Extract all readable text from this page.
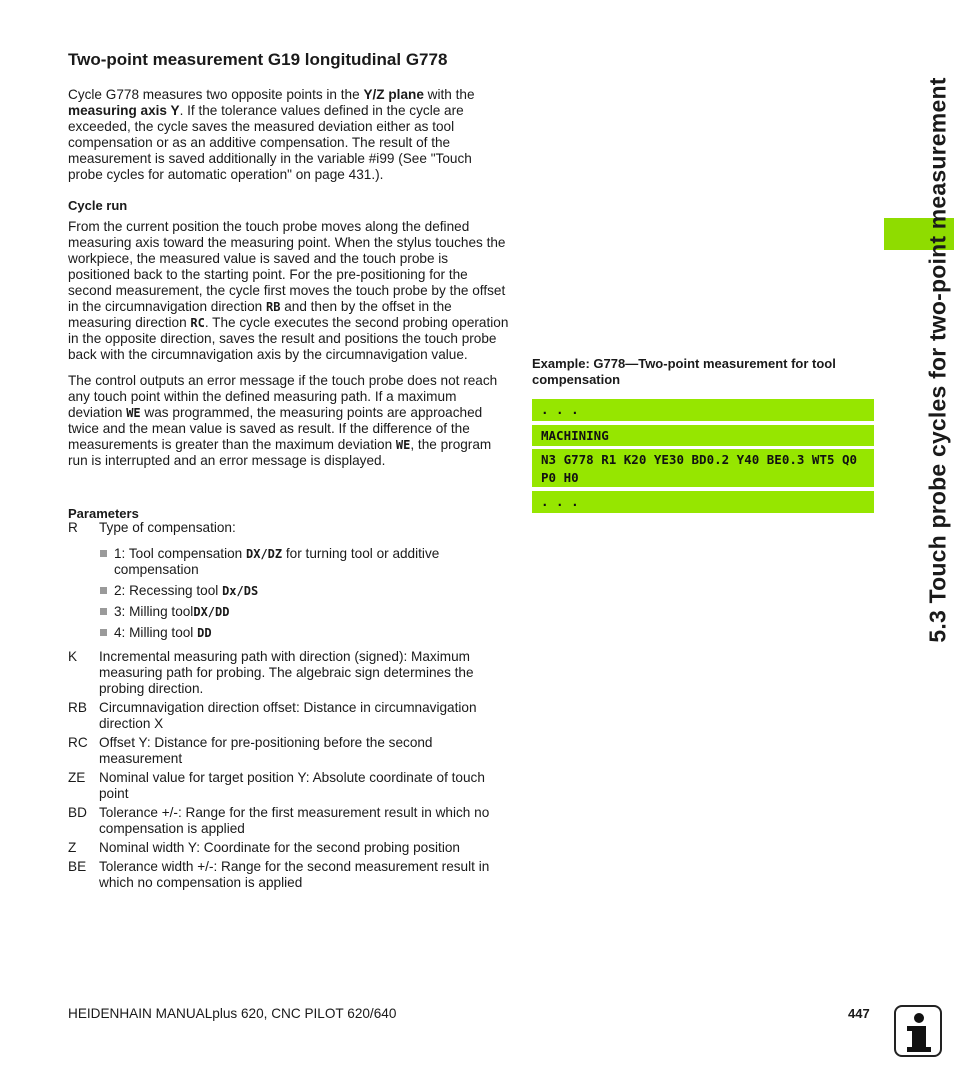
Two-point measurement G19 longitudinal G778

Cycle G778 measures two opposite points in the Y/Z plane with the measuring axis Y. If the tolerance values defined in the cycle are exceeded, the cycle saves the measured deviation either as tool compensation or as an additive compensation. The result of the measurement is saved additionally in the variable #i99 (See "Touch probe cycles for automatic operation" on page 431.).

Cycle run

From the current position the touch probe moves along the defined measuring axis toward the measuring point. When the stylus touches the workpiece, the measured value is saved and the touch probe is positioned back to the starting point. For the pre-positioning for the second measurement, the cycle first moves the touch probe by the offset in the circumnavigation direction RB and then by the offset in the measuring direction RC. The cycle executes the second probing operation in the opposite direction, saves the result and positions the touch probe back with the circumnavigation axis by the circumnavigation value.

The control outputs an error message if the touch probe does not reach any touch point within the defined measuring path. If a maximum deviation WE was programmed, the measuring points are approached twice and the mean value is saved as result. If the difference of the measurements is greater than the maximum deviation WE, the program run is interrupted and an error message is displayed.

Parameters
R	Type of compensation:
1: Tool compensation DX/DZ for turning tool or additive compensation
2: Recessing tool Dx/DS
3: Milling toolDX/DD
4: Milling tool DD
K	Incremental measuring path with direction (signed): Maximum measuring path for probing. The algebraic sign determines the probing direction.
RB Circumnavigation direction offset: Distance in circumnavigation direction X
RC Offset Y: Distance for pre-positioning before the second measurement
ZE	Nominal value for target position Y: Absolute coordinate of touch point
BD Tolerance +/-: Range for the first measurement result in which no compensation is applied
Z	Nominal width Y: Coordinate for the second probing position
BE Tolerance width +/-: Range for the second measurement result in which no compensation is applied
Example: G778—Two-point measurement for tool compensation
. . .
MACHINING
N3 G778 R1 K20 YE30 BD0.2 Y40 BE0.3 WT5 Q0 P0 H0
. . .	5.3 Touch probe cycles for two-point measurement
HEIDENHAIN MANUALplus 620, CNC PILOT 620/640	447
